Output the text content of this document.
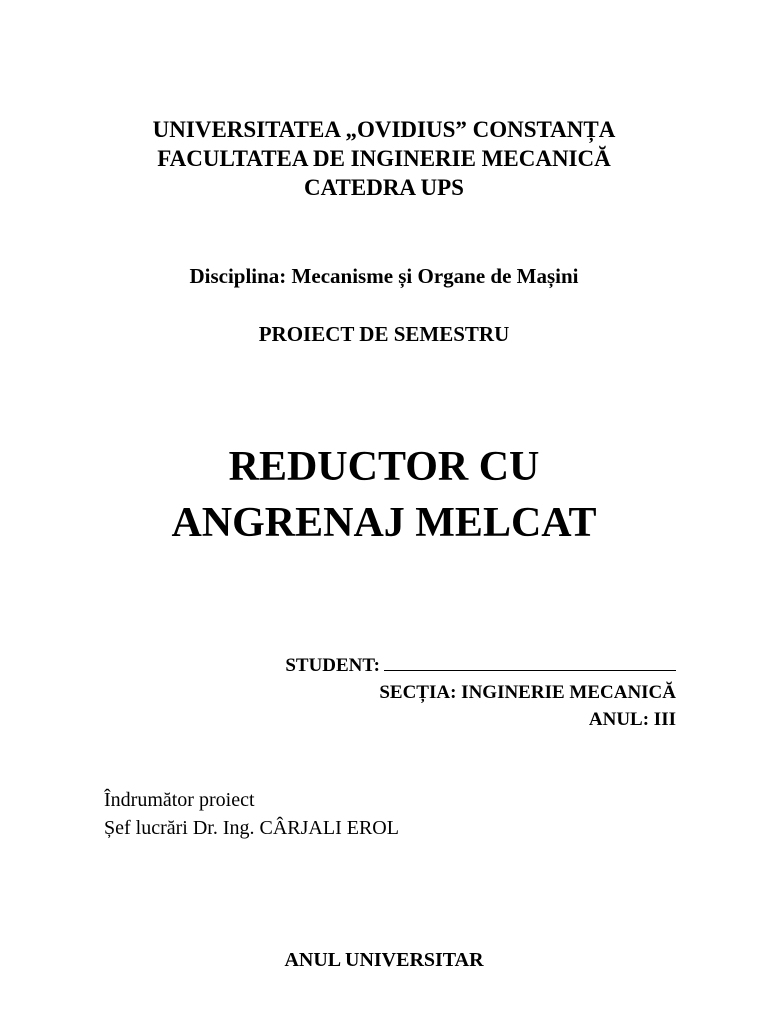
UNIVERSITATEA „OVIDIUS” CONSTANȚA
FACULTATEA DE INGINERIE MECANICĂ
CATEDRA UPS
Disciplina: Mecanisme și Organe de Mașini
PROIECT DE SEMESTRU
REDUCTOR CU
ANGRENAJ MELCAT
STUDENT:
SECȚIA: INGINERIE MECANICĂ
ANUL: III
Îndrumător proiect
Șef lucrări Dr. Ing. CÂRJALI EROL
ANUL UNIVERSITAR
